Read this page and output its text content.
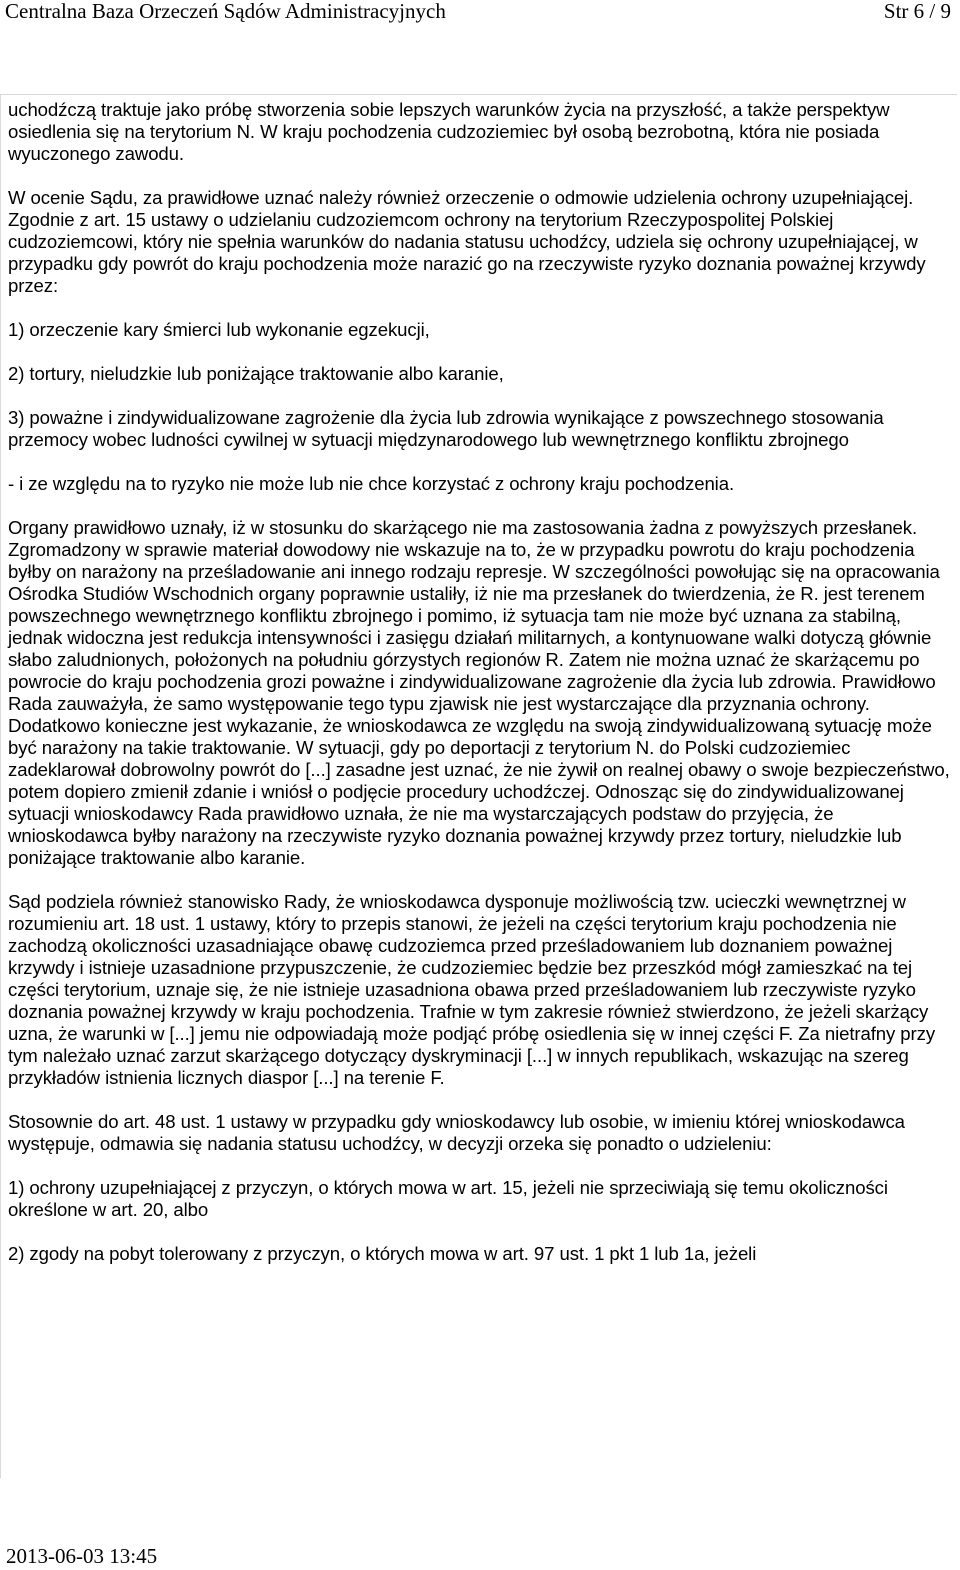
Centralna Baza Orzeczeń Sądów Administracyjnych	Str 6 / 9

uchodźczą traktuje jako próbę stworzenia sobie lepszych warunków życia na przyszłość, a także perspektyw osiedlenia się na terytorium N. W kraju pochodzenia cudzoziemiec był osobą bezrobotną, która nie posiada wyuczonego zawodu.

W ocenie Sądu, za prawidłowe uznać należy również orzeczenie o odmowie udzielenia ochrony uzupełniającej. Zgodnie z art. 15 ustawy o udzielaniu cudzoziemcom ochrony na terytorium Rzeczypospolitej Polskiej cudzoziemcowi, który nie spełnia warunków do nadania statusu uchodźcy, udziela się ochrony uzupełniającej, w przypadku gdy powrót do kraju pochodzenia może narazić go na rzeczywiste ryzyko doznania poważnej krzywdy przez:

1) orzeczenie kary śmierci lub wykonanie egzekucji,

2) tortury, nieludzkie lub poniżające traktowanie albo karanie,

3) poważne i zindywidualizowane zagrożenie dla życia lub zdrowia wynikające z powszechnego stosowania przemocy wobec ludności cywilnej w sytuacji międzynarodowego lub wewnętrznego konfliktu zbrojnego

- i ze względu na to ryzyko nie może lub nie chce korzystać z ochrony kraju pochodzenia.

Organy prawidłowo uznały, iż w stosunku do skarżącego nie ma zastosowania żadna z powyższych przesłanek. Zgromadzony w sprawie materiał dowodowy nie wskazuje na to, że w przypadku powrotu do kraju pochodzenia byłby on narażony na prześladowanie ani innego rodzaju represje. W szczególności powołując się na opracowania Ośrodka Studiów Wschodnich organy poprawnie ustaliły, iż nie ma przesłanek do twierdzenia, że R. jest terenem powszechnego wewnętrznego konfliktu zbrojnego i pomimo, iż sytuacja tam nie może być uznana za stabilną, jednak widoczna jest redukcja intensywności i zasięgu działań militarnych, a kontynuowane walki dotyczą głównie słabo zaludnionych, położonych na południu górzystych regionów R. Zatem nie można uznać że skarżącemu po powrocie do kraju pochodzenia grozi poważne i zindywidualizowane zagrożenie dla życia lub zdrowia. Prawidłowo Rada zauważyła, że samo występowanie tego typu zjawisk nie jest wystarczające dla przyznania ochrony. Dodatkowo konieczne jest wykazanie, że wnioskodawca ze względu na swoją zindywidualizowaną sytuację może być narażony na takie traktowanie. W sytuacji, gdy po deportacji z terytorium N. do Polski cudzoziemiec zadeklarował dobrowolny powrót do [...] zasadne jest uznać, że nie żywił on realnej obawy o swoje bezpieczeństwo, potem dopiero zmienił zdanie i wniósł o podjęcie procedury uchodźczej. Odnosząc się do zindywidualizowanej sytuacji wnioskodawcy Rada prawidłowo uznała, że nie ma wystarczających podstaw do przyjęcia, że wnioskodawca byłby narażony na rzeczywiste ryzyko doznania poważnej krzywdy przez tortury, nieludzkie lub poniżające traktowanie albo karanie.

Sąd podziela również stanowisko Rady, że wnioskodawca dysponuje możliwością tzw. ucieczki wewnętrznej w rozumieniu art. 18 ust. 1 ustawy, który to przepis stanowi, że jeżeli na części terytorium kraju pochodzenia nie zachodzą okoliczności uzasadniające obawę cudzoziemca przed prześladowaniem lub doznaniem poważnej krzywdy i istnieje uzasadnione przypuszczenie, że cudzoziemiec będzie bez przeszkód mógł zamieszkać na tej części terytorium, uznaje się, że nie istnieje uzasadniona obawa przed prześladowaniem lub rzeczywiste ryzyko doznania poważnej krzywdy w kraju pochodzenia. Trafnie w tym zakresie również stwierdzono, że jeżeli skarżący uzna, że warunki w [...] jemu nie odpowiadają może podjąć próbę osiedlenia się w innej części F. Za nietrafny przy tym należało uznać zarzut skarżącego dotyczący dyskryminacji [...] w innych republikach, wskazując na szereg przykładów istnienia licznych diaspor [...] na terenie F.

Stosownie do art. 48 ust. 1 ustawy w przypadku gdy wnioskodawcy lub osobie, w imieniu której wnioskodawca występuje, odmawia się nadania statusu uchodźcy, w decyzji orzeka się ponadto o udzieleniu:

1) ochrony uzupełniającej z przyczyn, o których mowa w art. 15, jeżeli nie sprzeciwiają się temu okoliczności określone w art. 20, albo

2) zgody na pobyt tolerowany z przyczyn, o których mowa w art. 97 ust. 1 pkt 1 lub 1a, jeżeli

2013-06-03 13:45
